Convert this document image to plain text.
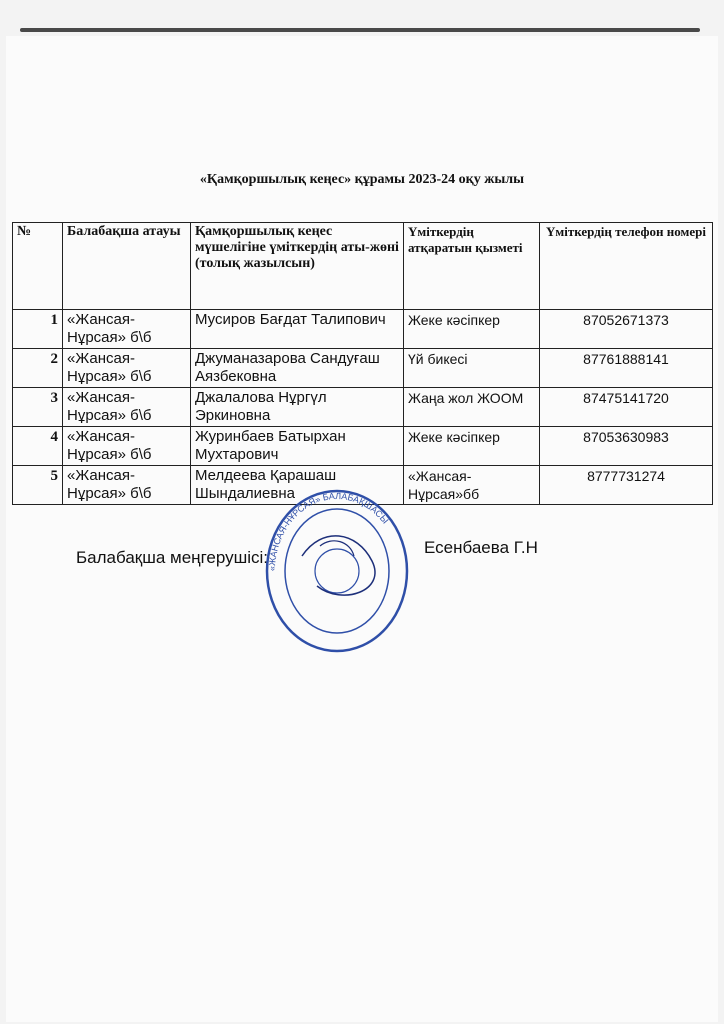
«Қамқоршылық кеңес» құрамы 2023-24 оқу жылы
№	Балабақша атауы	Қамқоршылық кеңес мүшелігіне үміткердің аты-жөні (толық жазылсын)	Үміткердің атқаратын қызметі	Үміткердің телефон номері
1	«Жансая-Нұрсая» б\б	Мусиров Бағдат Талипович	Жеке кәсіпкер	87052671373
2	«Жансая-Нұрсая» б\б	Джуманазарова Сандуғаш Аязбековна	Үй бикесі	87761888141
3	«Жансая-Нұрсая» б\б	Джалалова Нұргүл Эркиновна	Жаңа жол ЖООМ	87475141720
4	«Жансая-Нұрсая» б\б	Журинбаев Батырхан Мухтарович	Жеке кәсіпкер	87053630983
5	«Жансая-Нұрсая» б\б	Мелдеева Қарашаш Шындалиевна	«Жансая-Нұрсая»бб	8777731274
Балабақша меңгерушісі:
Есенбаева Г.Н
«ЖАНСАЯ-НҰРСАЯ» БАЛАБАҚШАСЫ
